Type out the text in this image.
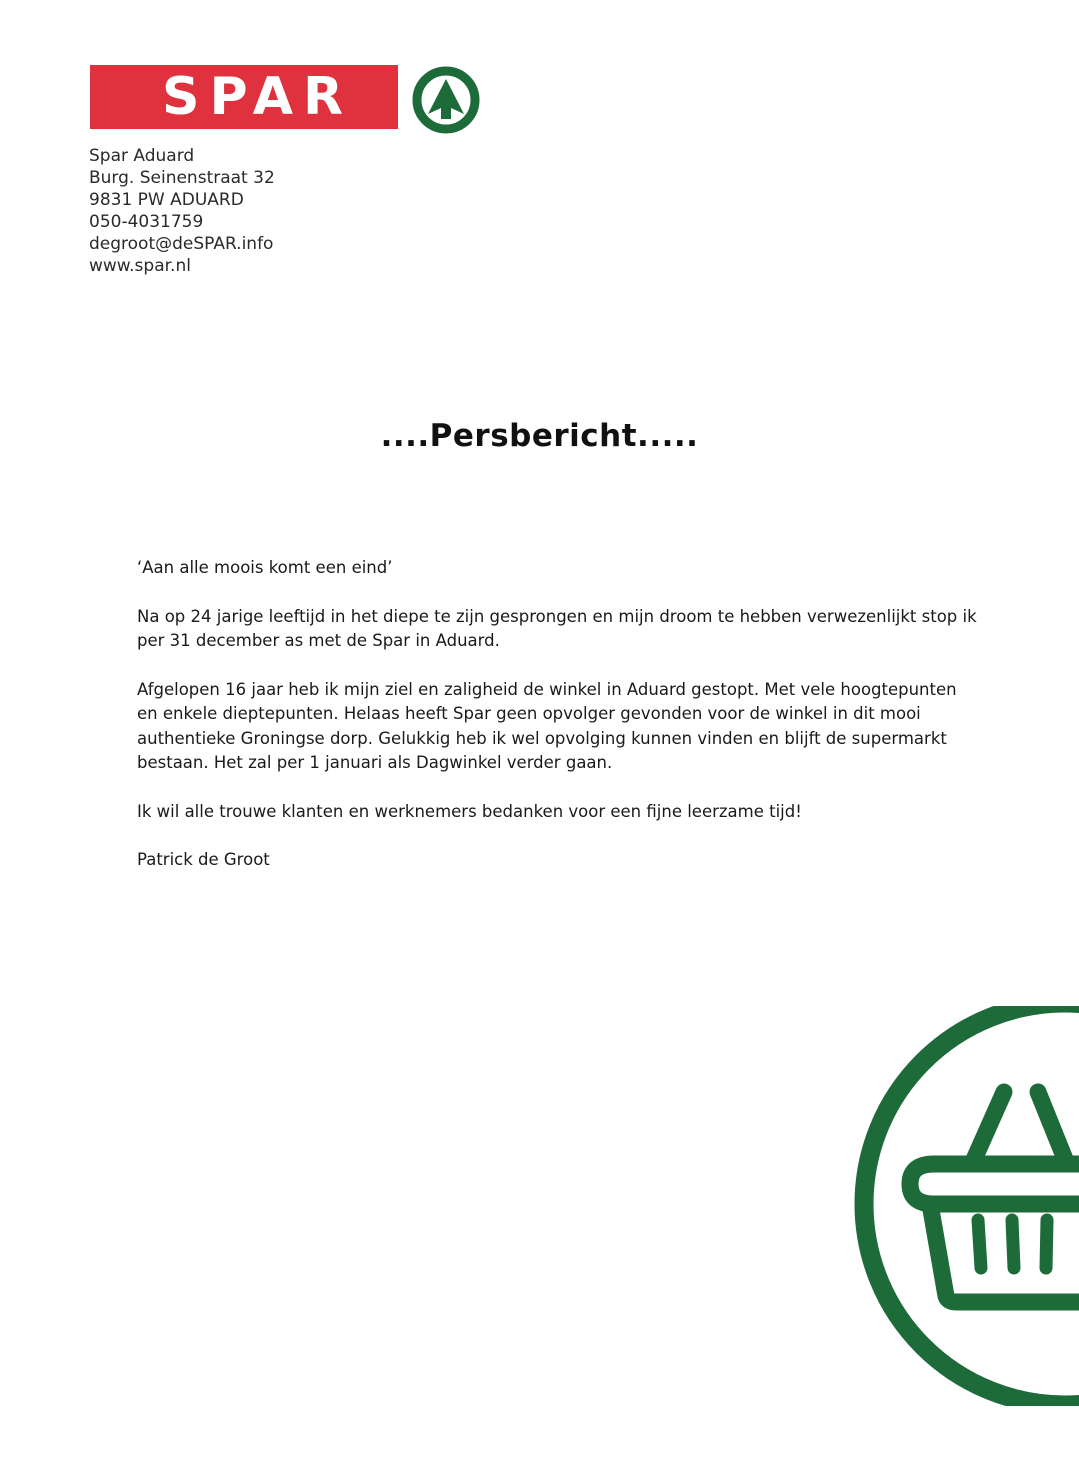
SPAR
Spar Aduard
Burg. Seinenstraat 32
9831 PW ADUARD
050-4031759
degroot@deSPAR.info
www.spar.nl
....Persbericht.....

‘Aan alle moois komt een eind’

Na op 24 jarige leeftijd in het diepe te zijn gesprongen en mijn droom te hebben verwezenlijkt stop ik per 31 december as met de Spar in Aduard.

Afgelopen 16 jaar heb ik mijn ziel en zaligheid de winkel in Aduard gestopt. Met vele hoogtepunten en enkele dieptepunten. Helaas heeft Spar geen opvolger gevonden voor de winkel in dit mooi authentieke Groningse dorp. Gelukkig heb ik wel opvolging kunnen vinden en blijft de supermarkt bestaan. Het zal per 1 januari als Dagwinkel verder gaan.

Ik wil alle trouwe klanten en werknemers bedanken voor een fijne leerzame tijd!

Patrick de Groot
